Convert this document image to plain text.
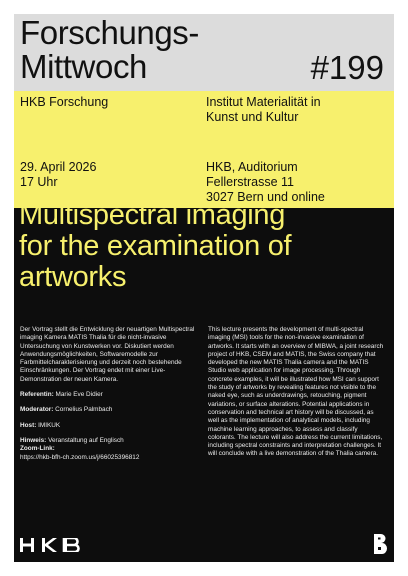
Forschungs-
Mittwoch	#199
HKB Forschung	Institut Materialität in
Kunst und Kultur
29. April 2026
17 Uhr
HKB, Auditorium
Fellerstrasse 11
3027 Bern und online
Multispectral imaging
for the examination of
artworks

Der Vortrag stellt die Entwicklung der neuartigen Multispectral imaging Kamera MATIS Thalia für die nicht-invasive Untersuchung von Kunstwerken vor. Diskutiert werden Anwendungsmöglichkeiten, Softwaremodelle zur Farbmittelcharakterisierung und derzeit noch bestehende Einschränkungen. Der Vortrag endet mit einer Live-Demonstration der neuen Kamera.

Referentin: Marie Eve Didier

Moderator: Cornelius Palmbach

Host: IMIKUK

Hinweis: Veranstaltung auf Englisch
Zoom-Link:
https://hkb-bfh-ch.zoom.us/j/66025396812

This lecture presents the development of multi-spectral imaging (MSI) tools for the non-invasive examination of artworks. It starts with an overview of MIBWA, a joint research project of HKB, CSEM and MATIS, the Swiss company that developed the new MATIS Thalia camera and the MATIS Studio web application for image processing. Through concrete examples, it will be illustrated how MSI can support the study of artworks by revealing features not visible to the naked eye, such as underdrawings, retouching, pigment variations, or surface alterations. Potential applications in conservation and technical art history will be discussed, as well as the implementation of analytical models, including machine learning approaches, to assess and classify colorants. The lecture will also address the current limitations, including spectral constraints and interpretation challenges. It will conclude with a live demonstration of the Thalia camera.
